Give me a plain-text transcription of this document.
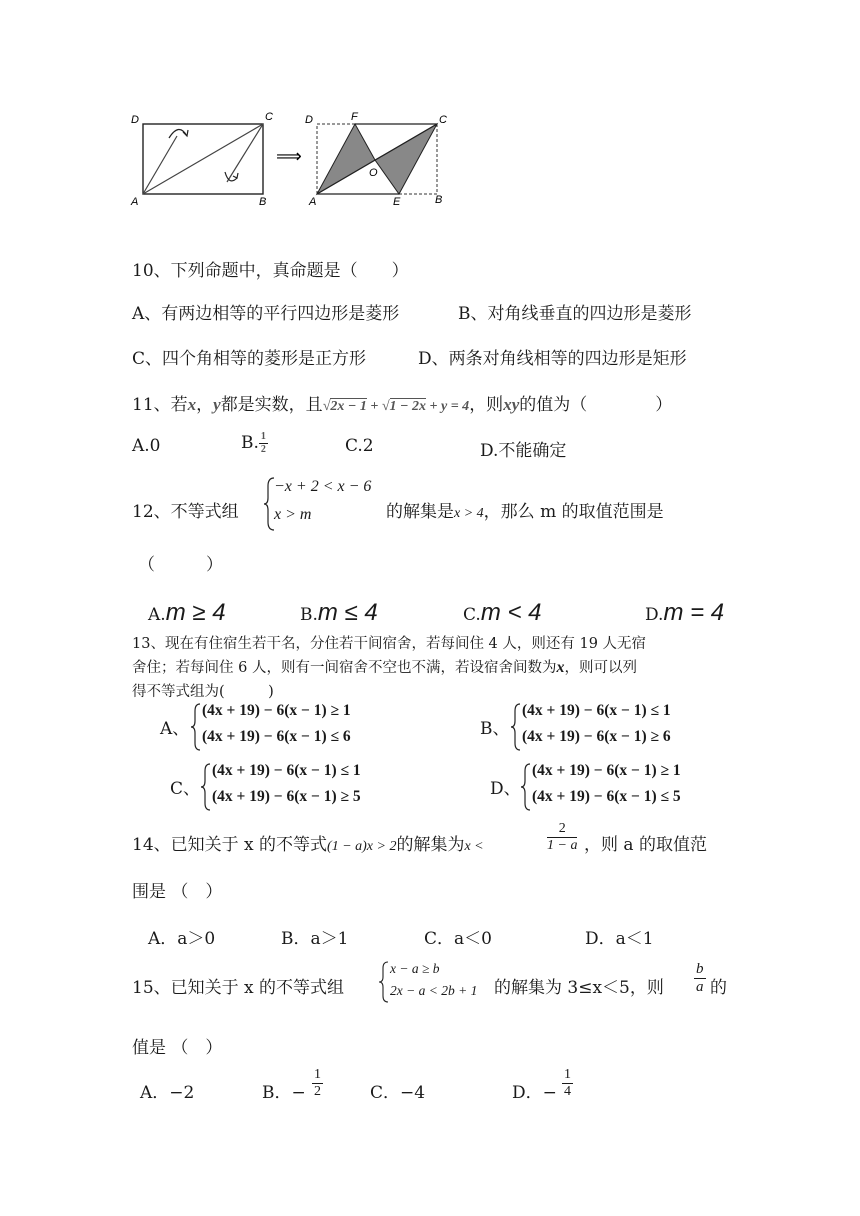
D	C
A	B
⟹
D	F	C
O
A	E	B
10、下列命题中，真命题是（　　）
A、有两边相等的平行四边形是菱形	B、对角线垂直的四边形是菱形
C、四个角相等的菱形是正方形	D、两条对角线相等的四边形是矩形
11、若x，y都是实数，且√2x − 1 + √1 − 2x + y = 4，则xy的值为（　　　　）
A.0	B. $\frac{1}{2}$	C.2	D.不能确定
12、不等式组
−x + 2 < x − 6
x > m	的解集是x > 4，那么 m 的取值范围是
（　　　）
A.m ≥ 4	B.m ≤ 4	C.m < 4	D.m = 4
13、现在有住宿生若干名，分住若干间宿舍，若每间住 4 人，则还有 19 人无宿
舍住；若每间住 6 人，则有一间宿舍不空也不满，若设宿舍间数为x，则可以列
得不等式组为(　　　)
A、
(4x + 19) − 6(x − 1) ≥ 1
(4x + 19) − 6(x − 1) ≤ 6	B、
(4x + 19) − 6(x − 1) ≤ 1
(4x + 19) − 6(x − 1) ≥ 6
C、
(4x + 19) − 6(x − 1) ≤ 1
(4x + 19) − 6(x − 1) ≥ 5	D、
(4x + 19) − 6(x − 1) ≥ 1
(4x + 19) − 6(x − 1) ≤ 5
14、已知关于 x 的不等式(1 − a)x > 2的解集为x <	$\frac{2}{1 - a}$ ，则 a 的取值范
围是 （　）
A．a＞0	B．a＞1	C．a＜0	D．a＜1
15、已知关于 x 的不等式组
x − a ≥ b
2x − a < 2b + 1 的解集为 3≤x＜5，则 $\frac{b}{a}$ 的
值是 （　）
A．−2	B．− $\frac{1}{2}$	C．−4	D．− $\frac{1}{4}$
